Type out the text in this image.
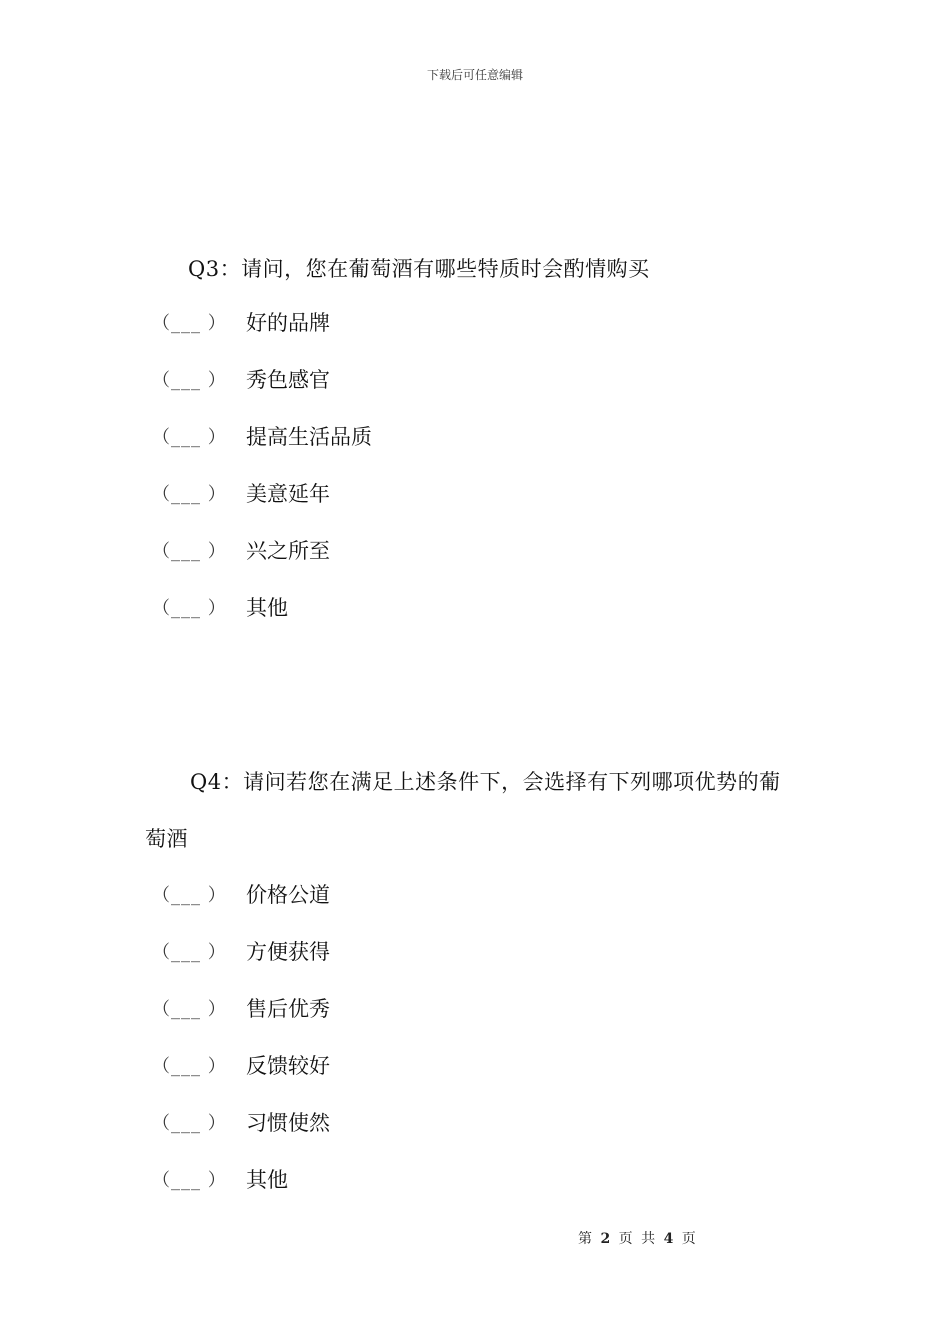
下载后可任意编辑
Q3：请问，您在葡萄酒有哪些特质时会酌情购买
（___ ） 好的品牌
（___ ） 秀色感官
（___ ） 提高生活品质
（___ ） 美意延年
（___ ） 兴之所至
（___ ） 其他
Q4：请问若您在满足上述条件下，会选择有下列哪项优势的葡
萄酒
（___ ） 价格公道
（___ ） 方便获得
（___ ） 售后优秀
（___ ） 反馈较好
（___ ） 习惯使然
（___ ） 其他
第 2 页 共 4 页
